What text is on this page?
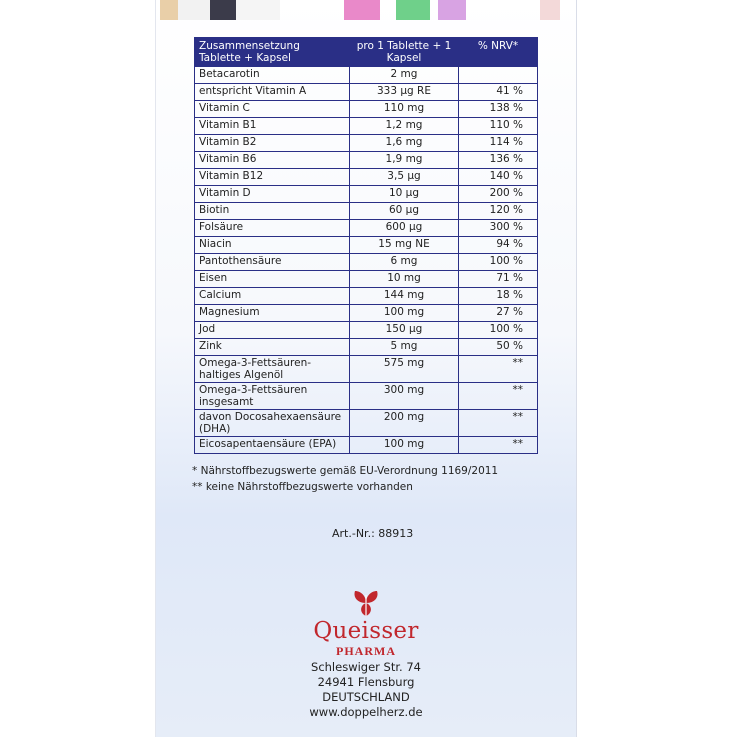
Zusammensetzung Tablette + Kapsel	pro 1 Tablette + 1 Kapsel	% NRV*
Betacarotin	2 mg	
entspricht Vitamin A	333 µg RE	41 %
Vitamin C	110 mg	138 %
Vitamin B1	1,2 mg	110 %
Vitamin B2	1,6 mg	114 %
Vitamin B6	1,9 mg	136 %
Vitamin B12	3,5 µg	140 %
Vitamin D	10 µg	200 %
Biotin	60 µg	120 %
Folsäure	600 µg	300 %
Niacin	15 mg NE	94 %
Pantothensäure	6 mg	100 %
Eisen	10 mg	71 %
Calcium	144 mg	18 %
Magnesium	100 mg	27 %
Jod	150 µg	100 %
Zink	5 mg	50 %
Omega-3-Fettsäuren-haltiges Algenöl	575 mg	**
Omega-3-Fettsäuren insgesamt	300 mg	**
davon Docosahexaensäure (DHA)	200 mg	**
Eicosapentaensäure (EPA)	100 mg	**
* Nährstoffbezugswerte gemäß EU-Verordnung 1169/2011
** keine Nährstoffbezugswerte vorhanden
Art.-Nr.: 88913
Queisser
PHARMA
Schleswiger Str. 74
24941 Flensburg
DEUTSCHLAND
www.doppelherz.de
